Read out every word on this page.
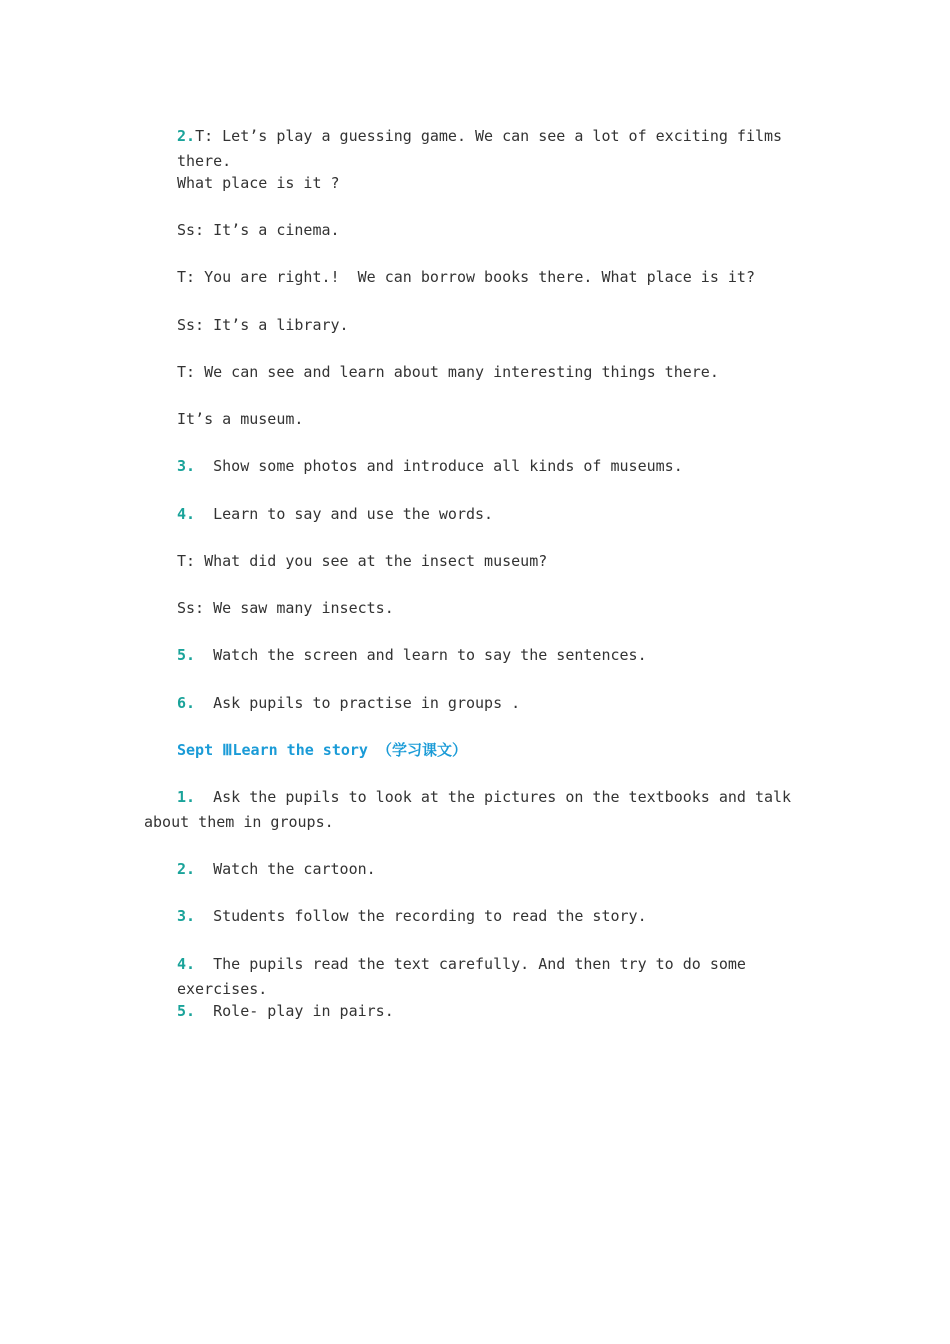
2.T: Let’s play a guessing game. We can see a lot of exciting films there.
What place is it ?
Ss: It’s a cinema.
T: You are right.!  We can borrow books there. What place is it?
Ss: It’s a library.
T: We can see and learn about many interesting things there.
It’s a museum.
3.  Show some photos and introduce all kinds of museums.
4.  Learn to say and use the words.
T: What did you see at the insect museum?
Ss: We saw many insects.
5.  Watch the screen and learn to say the sentences.
6.  Ask pupils to practise in groups .
Sept ⅢLearn the story （学习课文）
1.  Ask the pupils to look at the pictures on the textbooks and talk about them in groups.
2.  Watch the cartoon.
3.  Students follow the recording to read the story.
4.  The pupils read the text carefully. And then try to do some exercises.
5.  Role- play in pairs.
